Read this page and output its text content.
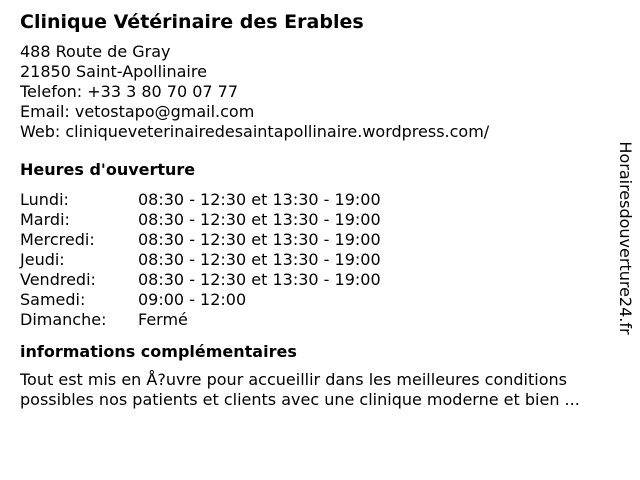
Clinique Vétérinaire des Erables
488 Route de Gray
21850 Saint-Apollinaire
Telefon: +33 3 80 70 07 77
Email: vetostapo@gmail.com
Web: cliniqueveterinairedesaintapollinaire.wordpress.com/
Heures d'ouverture
Lundi:	08:30 - 12:30 et 13:30 - 19:00
Mardi:	08:30 - 12:30 et 13:30 - 19:00
Mercredi:	08:30 - 12:30 et 13:30 - 19:00
Jeudi:	08:30 - 12:30 et 13:30 - 19:00
Vendredi:	08:30 - 12:30 et 13:30 - 19:00
Samedi:	09:00 - 12:00
Dimanche:	Fermé
informations complémentaires

Tout est mis en Å?uvre pour accueillir dans les meilleures conditions
possibles nos patients et clients avec une clinique moderne et bien ...

Horairesdouverture24.fr
